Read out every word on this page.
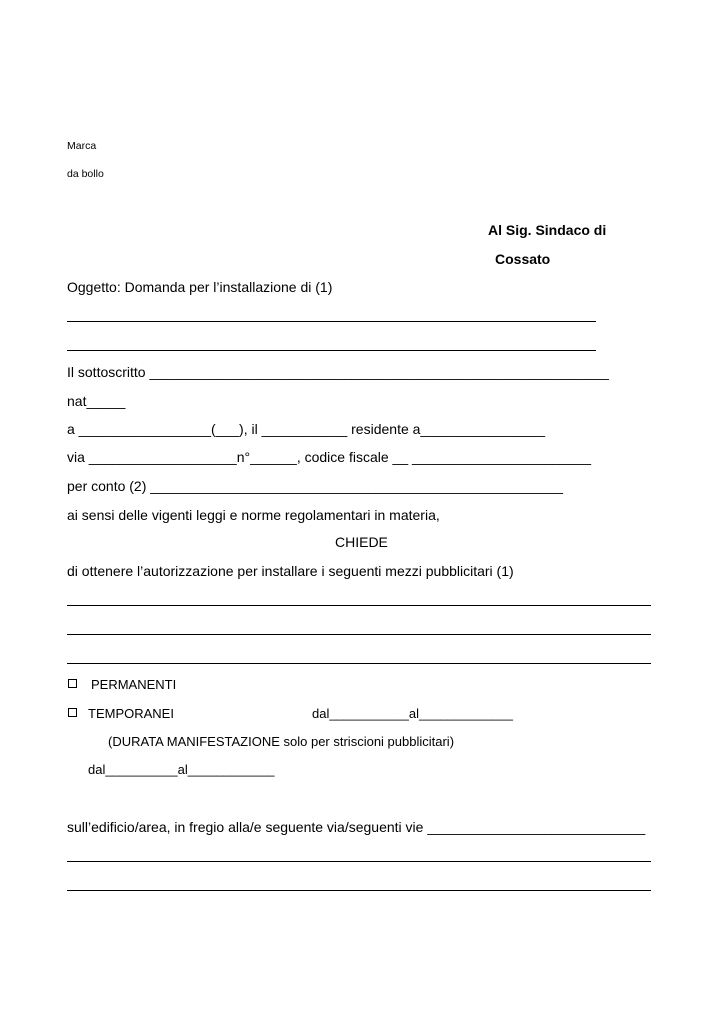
Marca
da bollo
Al Sig. Sindaco di
Cossato
Oggetto: Domanda per l’installazione di (1)
Il sottoscritto ___________________________________________________________
nat_____
a _________________(___), il ___________ residente a________________
via ___________________n°______, codice fiscale __ _______________________
per conto (2) _____________________________________________________
ai sensi delle vigenti leggi e norme regolamentari in materia,
CHIEDE
di ottenere l’autorizzazione per installare i seguenti mezzi pubblicitari (1)
PERMANENTI
TEMPORANEI	dal___________al_____________
(DURATA MANIFESTAZIONE solo per striscioni pubblicitari)
dal__________al____________
sull’edificio/area, in fregio alla/e seguente via/seguenti vie ____________________________
